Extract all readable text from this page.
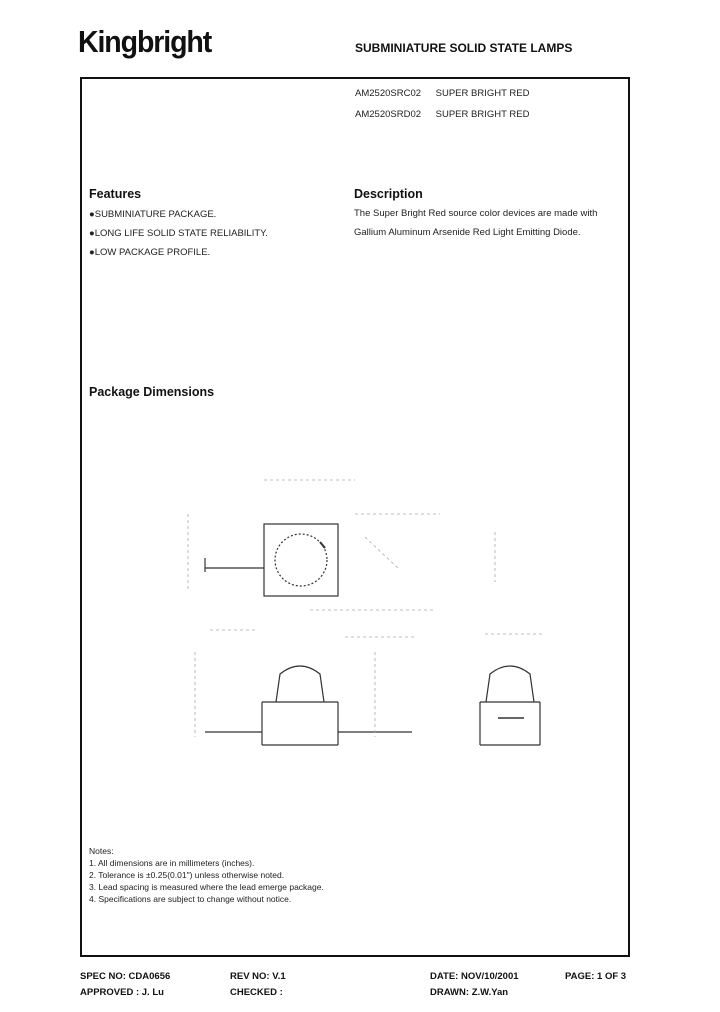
Kingbright	SUBMINIATURE SOLID STATE LAMPS
AM2520SRC02 SUPER BRIGHT RED
AM2520SRD02 SUPER BRIGHT RED
Features
●SUBMINIATURE PACKAGE.
●LONG LIFE SOLID STATE RELIABILITY.
●LOW PACKAGE PROFILE.
Description
The Super Bright Red source color devices are made with
Gallium Aluminum Arsenide Red Light Emitting Diode.
Package Dimensions
Notes:
1. All dimensions are in millimeters (inches).
2. Tolerance is ±0.25(0.01") unless otherwise noted.
3. Lead spacing is measured where the lead emerge package.
4. Specifications are subject to change without notice.
SPEC NO: CDA0656	REV NO: V.1	DATE: NOV/10/2001	PAGE: 1 OF 3
APPROVED : J. Lu	CHECKED :	DRAWN: Z.W.Yan
